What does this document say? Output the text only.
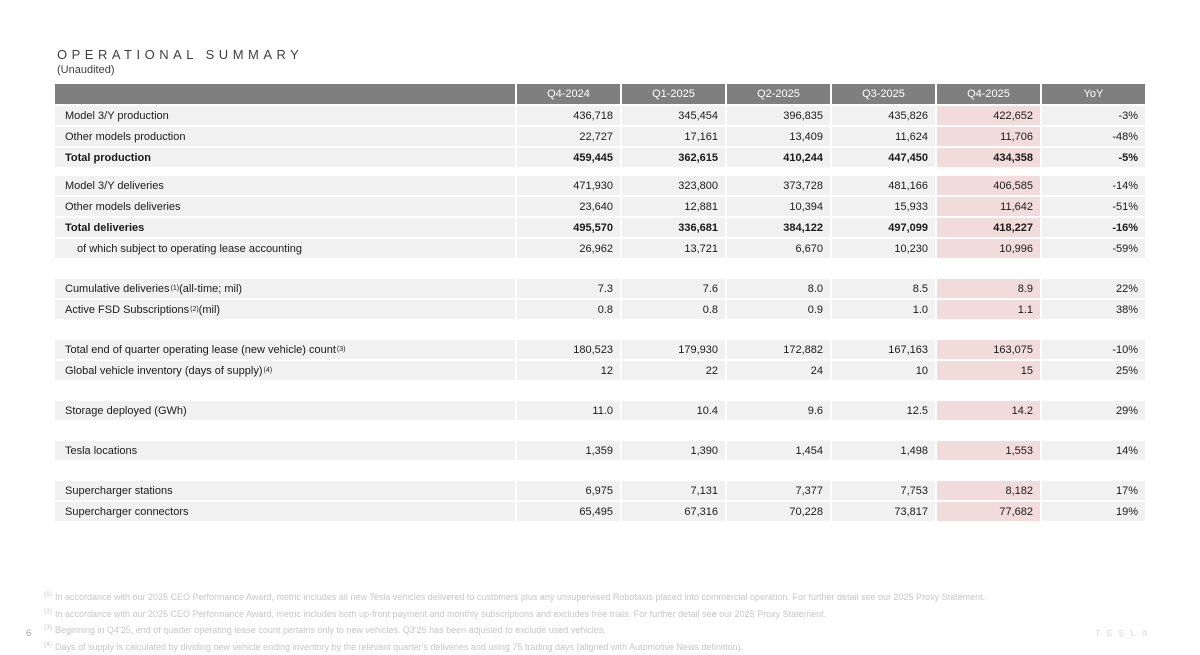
OPERATIONAL SUMMARY
(Unaudited)
Q4-2024	Q1-2025	Q2-2025	Q3-2025	Q4-2025	YoY
Model 3/Y production	436,718	345,454	396,835	435,826	422,652	-3%
Other models production	22,727	17,161	13,409	11,624	11,706	-48%
Total production	459,445	362,615	410,244	447,450	434,358	-5%
Model 3/Y deliveries	471,930	323,800	373,728	481,166	406,585	-14%
Other models deliveries	23,640	12,881	10,394	15,933	11,642	-51%
Total deliveries	495,570	336,681	384,122	497,099	418,227	-16%
of which subject to operating lease accounting	26,962	13,721	6,670	10,230	10,996	-59%
Cumulative deliveries (1) (all-time; mil)	7.3	7.6	8.0	8.5	8.9	22%
Active FSD Subscriptions (2) (mil)	0.8	0.8	0.9	1.0	1.1	38%
Total end of quarter operating lease (new vehicle) count (3)	180,523	179,930	172,882	167,163	163,075	-10%
Global vehicle inventory (days of supply) (4)	12	22	24	10	15	25%
Storage deployed (GWh)	11.0	10.4	9.6	12.5	14.2	29%
Tesla locations	1,359	1,390	1,454	1,498	1,553	14%
Supercharger stations	6,975	7,131	7,377	7,753	8,182	17%
Supercharger connectors	65,495	67,316	70,228	73,817	77,682	19%
$^{(1)}$ In accordance with our 2025 CEO Performance Award, metric includes all new Tesla vehicles delivered to customers plus any unsupervised Robotaxis placed into commercial operation. For further detail see our 2025 Proxy Statement.
$^{(2)}$ In accordance with our 2025 CEO Performance Award, metric includes both up-front payment and monthly subscriptions and excludes free trials. For further detail see our 2025 Proxy Statement.
$^{(3)}$ Beginning in Q4'25, end of quarter operating lease count pertains only to new vehicles. Q3'25 has been adjusted to exclude used vehicles.
$^{(4)}$ Days of supply is calculated by dividing new vehicle ending inventory by the relevant quarter's deliveries and using 75 trading days (aligned with Automotive News definition).
6	TESLA
